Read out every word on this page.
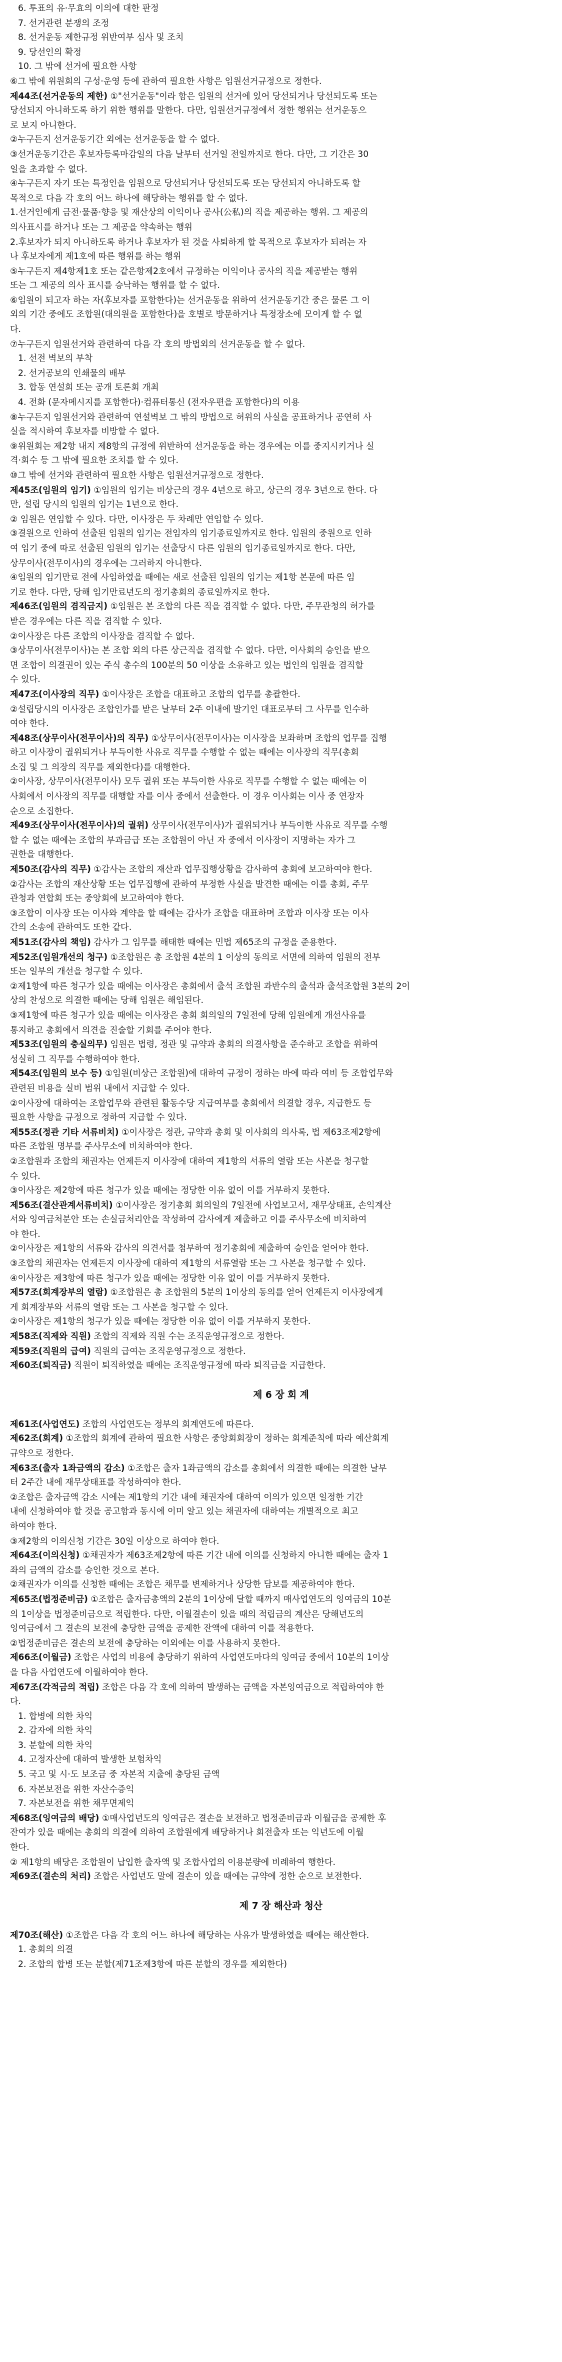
6. 투표의 유·무효의 이의에 대한 판정
7. 선거관련 분쟁의 조정
8. 선거운동 제한규정 위반여부 심사 및 조치
9. 당선인의 확정
10. 그 밖에 선거에 필요한 사항
⑥그 밖에 위원회의 구성·운영 등에 관하여 필요한 사항은 임원선거규정으로 정한다.
제44조(선거운동의 제한) ①"선거운동"이라 함은 임원의 선거에 있어 당선되거나 당선되도록 또는
당선되지 아니하도록 하기 위한 행위를 말한다. 다만, 임원선거규정에서 정한 행위는 선거운동으
로 보지 아니한다.
②누구든지 선거운동기간 외에는 선거운동을 할 수 없다.
③선거운동기간은 후보자등록마감일의 다음 날부터 선거일 전일까지로 한다. 다만, 그 기간은 30
일을 초과할 수 없다.
④누구든지 자기 또는 특정인을 임원으로 당선되거나 당선되도록 또는 당선되지 아니하도록 할
목적으로 다음 각 호의 어느 하나에 해당하는 행위를 할 수 없다.
1.선거인에게 금전·물품·향응 및 재산상의 이익이나 공사(公私)의 직을 제공하는 행위. 그 제공의
의사표시를 하거나 또는 그 제공을 약속하는 행위
2.후보자가 되지 아니하도록 하거나 후보자가 된 것을 사퇴하게 할 목적으로 후보자가 되려는 자
나 후보자에게 제1호에 따른 행위를 하는 행위
⑤누구든지 제4항제1호 또는 같은항제2호에서 규정하는 이익이나 공사의 직을 제공받는 행위
또는 그 제공의 의사 표시를 승낙하는 행위를 할 수 없다.
⑥임원이 되고자 하는 자(후보자를 포함한다)는 선거운동을 위하여 선거운동기간 중은 물론 그 이
외의 기간 중에도 조합원(대의원을 포함한다)을 호별로 방문하거나 특정장소에 모이게 할 수 없
다.
⑦누구든지 임원선거와 관련하여 다음 각 호의 방법외의 선거운동을 할 수 없다.
1. 선전 벽보의 부착
2. 선거공보의 인쇄물의 배부
3. 합동 연설회 또는 공개 토론회 개최
4. 전화 (문자메시지를 포함한다)·컴퓨터통신 (전자우편을 포함한다)의 이용
⑧누구든지 임원선거와 관련하여 연설벽보 그 밖의 방법으로 허위의 사실을 공표하거나 공연히 사
실을 적시하여 후보자를 비방할 수 없다.
⑨위원회는 제2항 내지 제8항의 규정에 위반하여 선거운동을 하는 경우에는 이를 중지시키거나 실
격·회수 등 그 밖에 필요한 조치를 할 수 있다.
⑩그 밖에 선거와 관련하여 필요한 사항은 임원선거규정으로 정한다.
제45조(임원의 임기) ①임원의 임기는 비상근의 경우 4년으로 하고, 상근의 경우 3년으로 한다. 다
만, 설립 당시의 임원의 임기는 1년으로 한다.
② 임원은 연임할 수 있다. 다만, 이사장은 두 차례만 연임할 수 있다.
③결원으로 인하여 선출된 임원의 임기는 전임자의 임기종료일까지로 한다. 임원의 중원으로 인하
여 임기 중에 따로 선출된 임원의 임기는 선출당시 다른 임원의 임기종료일까지로 한다. 다만,
상무이사(전무이사)의 경우에는 그러하지 아니한다.
④임원의 임기만료 전에 사임하였을 때에는 새로 선출된 임원의 임기는 제1항 본문에 따른 임
기로 한다. 다만, 당해 임기만료년도의 정기총회의 종료일까지로 한다.
제46조(임원의 겸직금지) ①임원은 본 조합의 다른 직을 겸직할 수 없다. 다만, 주무관청의 허가를
받은 경우에는 다른 직을 겸직할 수 있다.
②이사장은 다른 조합의 이사장을 겸직할 수 없다.
③상무이사(전무이사)는 본 조합 외의 다른 상근직을 겸직할 수 없다. 다만, 이사회의 승인을 받으
면 조합이 의결권이 있는 주식 총수의 100분의 50 이상을 소유하고 있는 법인의 임원을 겸직할
수 있다.
제47조(이사장의 직무) ①이사장은 조합을 대표하고 조합의 업무를 총괄한다.
②설립당시의 이사장은 조합인가를 받은 날부터 2주 이내에 발기인 대표로부터 그 사무를 인수하
여야 한다.
제48조(상무이사(전무이사)의 직무) ①상무이사(전무이사)는 이사장을 보좌하며 조합의 업무를 집행
하고 이사장이 궐위되거나 부득이한 사유로 직무를 수행할 수 없는 때에는 이사장의 직무(총회
소집 및 그 의장의 직무를 제외한다)를 대행한다.
②이사장, 상무이사(전무이사) 모두 궐위 또는 부득이한 사유로 직무를 수행할 수 없는 때에는 이
사회에서 이사장의 직무를 대행할 자를 이사 중에서 선출한다. 이 경우 이사회는 이사 중 연장자
순으로 소집한다.
제49조(상무이사(전무이사)의 궐위) 상무이사(전무이사)가 궐위되거나 부득이한 사유로 직무를 수행
할 수 없는 때에는 조합의 부과금급 또는 조합원이 아닌 자 중에서 이사장이 지명하는 자가 그
권한을 대행한다.
제50조(감사의 직무) ①감사는 조합의 재산과 업무집행상황을 감사하여 총회에 보고하여야 한다.
②감사는 조합의 재산상황 또는 업무집행에 관하여 부정한 사실을 발견한 때에는 이를 총회, 주무
관청과 연합회 또는 중앙회에 보고하여야 한다.
③조합이 이사장 또는 이사와 계약을 할 때에는 감사가 조합을 대표하며 조합과 이사장 또는 이사
간의 소송에 관하여도 또한 같다.
제51조(감사의 책임) 감사가 그 임무를 해태한 때에는 민법 제65조의 규정을 준용한다.
제52조(임원개선의 청구) ①조합원은 총 조합원 4분의 1 이상의 동의로 서면에 의하여 임원의 전부
또는 일부의 개선을 청구할 수 있다.
②제1항에 따른 청구가 있을 때에는 이사장은 총회에서 출석 조합원 과반수의 출석과 출석조합원 3분의 2이
상의 찬성으로 의결한 때에는 당해 임원은 해임된다.
③제1항에 따른 청구가 있을 때에는 이사장은 총회 회의일의 7일전에 당해 임원에게 개선사유를
통지하고 총회에서 의견을 진술할 기회를 주어야 한다.
제53조(임원의 충실의무) 임원은 법령, 정관 및 규약과 총회의 의결사항을 준수하고 조합을 위하여
성실히 그 직무를 수행하여야 한다.
제54조(임원의 보수 등) ①임원(비상근 조합원)에 대하여 규정이 정하는 바에 따라 여비 등 조합업무와
관련된 비용을 실비 범위 내에서 지급할 수 있다.
②이사장에 대하여는 조합업무와 관련된 활동수당 지급여부를 총회에서 의결할 경우, 지급한도 등
필요한 사항을 규정으로 정하여 지급할 수 있다.
제55조(정관 기타 서류비치) ①이사장은 정관, 규약과 총회 및 이사회의 의사록, 법 제63조제2항에
따른 조합원 명부를 주사무소에 비치하여야 한다.
②조합원과 조합의 채권자는 언제든지 이사장에 대하여 제1항의 서류의 열람 또는 사본을 청구할
수 있다.
③이사장은 제2항에 따른 청구가 있을 때에는 정당한 이유 없이 이를 거부하지 못한다.
제56조(결산관계서류비치) ①이사장은 정기총회 회의일의 7일전에 사업보고서, 재무상태표, 손익계산
서와 잉여금처분안 또는 손실금처리안을 작성하여 감사에게 제출하고 이를 주사무소에 비치하여
야 한다.
②이사장은 제1항의 서류와 감사의 의견서를 첨부하여 정기총회에 제출하여 승인을 얻어야 한다.
③조합의 채권자는 언제든지 이사장에 대하여 제1항의 서류열람 또는 그 사본을 청구할 수 있다.
④이사장은 제3항에 따른 청구가 있을 때에는 정당한 이유 없이 이를 거부하지 못한다.
제57조(회계장부의 열람) ①조합원은 총 조합원의 5분의 1이상의 동의를 얻어 언제든지 이사장에게
게 회계장부와 서류의 열람 또는 그 사본을 청구할 수 있다.
②이사장은 제1항의 청구가 있을 때에는 정당한 이유 없이 이를 거부하지 못한다.
제58조(직제와 직원) 조합의 직제와 직원 수는 조직운영규정으로 정한다.
제59조(직원의 급여) 직원의 급여는 조직운영규정으로 정한다.
제60조(퇴직금) 직원이 퇴직하였을 때에는 조직운영규정에 따라 퇴직금을 지급한다.
제 6 장 회 계
제61조(사업연도) 조합의 사업연도는 정부의 회계연도에 따른다.
제62조(회계) ①조합의 회계에 관하여 필요한 사항은 중앙회회장이 정하는 회계준칙에 따라 예산회계
규약으로 정한다.
제63조(출자 1좌금액의 감소) ①조합은 출자 1좌금액의 감소를 총회에서 의결한 때에는 의결한 날부
터 2주간 내에 재무상태표를 작성하여야 한다.
②조합은 출자금액 감소 시에는 제1항의 기간 내에 채권자에 대하여 이의가 있으면 일정한 기간
내에 신청하여야 할 것을 공고함과 동시에 이미 알고 있는 채권자에 대하여는 개별적으로 최고
하여야 한다.
③제2항의 이의신청 기간은 30일 이상으로 하여야 한다.
제64조(이의신청) ①채권자가 제63조제2항에 따른 기간 내에 이의를 신청하지 아니한 때에는 출자 1
좌의 금액의 감소를 승인한 것으로 본다.
②채권자가 이의를 신청한 때에는 조합은 채무를 변제하거나 상당한 담보를 제공하여야 한다.
제65조(법정준비금) ①조합은 출자금총액의 2분의 1이상에 달할 때까지 매사업연도의 잉여금의 10분
의 1이상을 법정준비금으로 적립한다. 다만, 이월결손이 있을 때의 적립금의 계산은 당해년도의
잉여금에서 그 결손의 보전에 충당한 금액을 공제한 잔액에 대하여 이를 적용한다.
②법정준비금은 결손의 보전에 충당하는 이외에는 이를 사용하지 못한다.
제66조(이월금) 조합은 사업의 비용에 충당하기 위하여 사업연도마다의 잉여금 중에서 10분의 1이상
을 다음 사업연도에 이월하여야 한다.
제67조(각적금의 적립) 조합은 다음 각 호에 의하여 발생하는 금액을 자본잉여금으로 적립하여야 한
다.
1. 합병에 의한 차익
2. 감자에 의한 차익
3. 분할에 의한 차익
4. 고정자산에 대하여 발생한 보험차익
5. 국고 및 시·도 보조금 중 자본적 지출에 충당된 금액
6. 자본보전을 위한 자산수증익
7. 자본보전을 위한 채무면제익
제68조(잉여금의 배당) ①매사업년도의 잉여금은 결손을 보전하고 법정준비금과 이월금을 공제한 후
잔여가 있을 때에는 총회의 의결에 의하여 조합원에게 배당하거나 회전출자 또는 익년도에 이월
한다.
② 제1항의 배당은 조합원이 납입한 출자액 및 조합사업의 이용분량에 비례하여 행한다.
제69조(결손의 처리) 조합은 사업년도 말에 결손이 있을 때에는 규약에 정한 순으로 보전한다.
제 7 장 해산과 청산
제70조(해산) ①조합은 다음 각 호의 어느 하나에 해당하는 사유가 발생하였을 때에는 해산한다.
1. 총회의 의결
2. 조합의 합병 또는 분할(제71조제3항에 따른 분할의 경우를 제외한다)
